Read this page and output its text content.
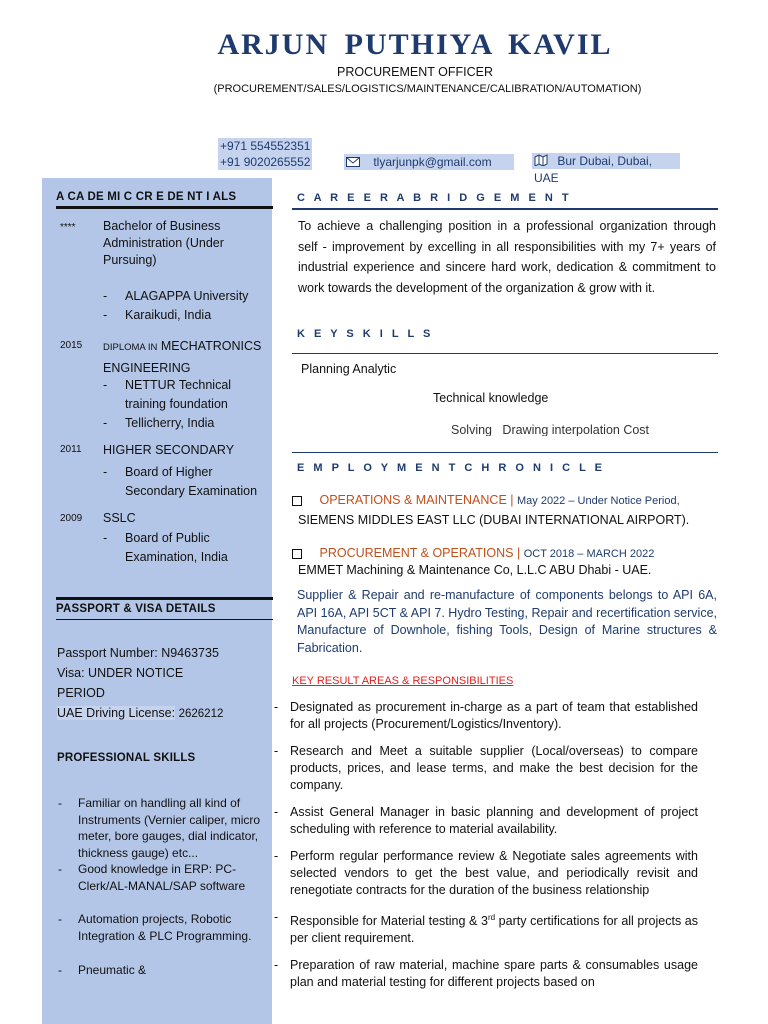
ARJUN PUTHIYA KAVIL
PROCUREMENT OFFICER
(PROCUREMENT/SALES/LOGISTICS/MAINTENANCE/CALIBRATION/AUTOMATION)
+971 554552351
+91 9020265552	tlyarjunpk@gmail.com	Bur Dubai, Dubai, UAE
A CA DE MI C CR E DE NT I ALS
**** Bachelor of Business Administration (Under Pursuing)
- ALAGAPPA University
- Karaikudi, India
2015 DIPLOMA IN MECHATRONICS ENGINEERING
- NETTUR Technical training foundation
- Tellicherry, India
2011 HIGHER SECONDARY
- Board of Higher Secondary Examination
2009 SSLC
- Board of Public Examination, India
PASSPORT & VISA DETAILS
Passport Number: N9463735
Visa: UNDER NOTICE
PERIOD
UAE Driving License: 2626212
PROFESSIONAL SKILLS
- Familiar on handling all kind of Instruments (Vernier caliper, micro meter, bore gauges, dial indicator, thickness gauge) etc...
- Good knowledge in ERP: PC- Clerk/AL-MANAL/SAP software
- Automation projects, Robotic Integration & PLC Programming.
- Pneumatic &
C A R E E R A B R I D G E M E N T
To achieve a challenging position in a professional organization through self - improvement by excelling in all responsibilities with my 7+ years of industrial experience and sincere hard work, dedication & commitment to work towards the development of the organization & grow with it.
K E Y S K I L L S
Planning Analytic
Technical knowledge
Solving   Drawing interpolation Cost
E M P L O Y M E N T C H R O N I C L E
OPERATIONS & MAINTENANCE | May 2022 – Under Notice Period,
SIEMENS MIDDLES EAST LLC (DUBAI INTERNATIONAL AIRPORT).
PROCUREMENT & OPERATIONS | OCT 2018 – MARCH 2022
EMMET Machining & Maintenance Co, L.L.C ABU Dhabi - UAE.
Supplier & Repair and re-manufacture of components belongs to API 6A, API 16A, API 5CT & API 7. Hydro Testing, Repair and recertification service, Manufacture of Downhole, fishing Tools, Design of Marine structures & Fabrication.
KEY RESULT AREAS & RESPONSIBILITIES
- Designated as procurement in-charge as a part of team that established for all projects (Procurement/Logistics/Inventory).
- Research and Meet a suitable supplier (Local/overseas) to compare products, prices, and lease terms, and make the best decision for the company.
- Assist General Manager in basic planning and development of project scheduling with reference to material availability.
- Perform regular performance review & Negotiate sales agreements with selected vendors to get the best value, and periodically revisit and renegotiate contracts for the duration of the business relationship
- Responsible for Material testing & 3rd party certifications for all projects as per client requirement.
- Preparation of raw material, machine spare parts & consumables usage plan and material testing for different projects based on
